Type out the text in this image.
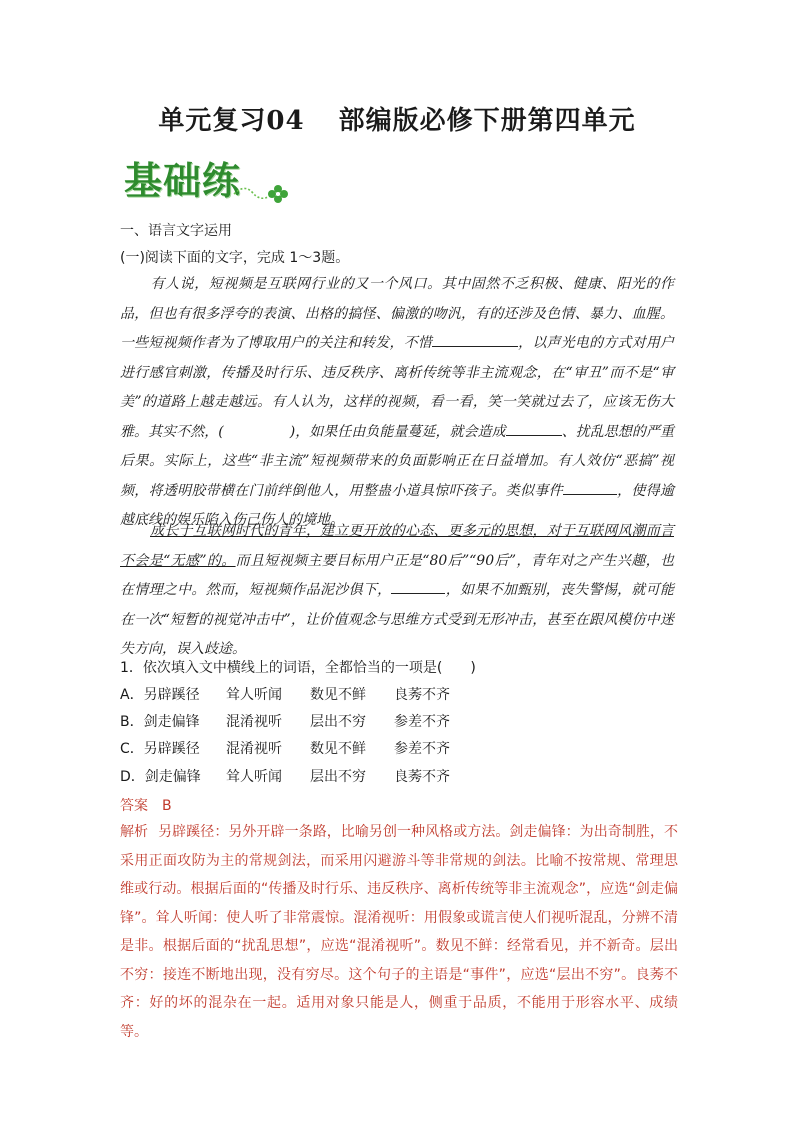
单元复习04 部编版必修下册第四单元
基础练
一、语言文字运用
(一)阅读下面的文字，完成 1～3题。

有人说，短视频是互联网行业的又一个风口。其中固然不乏积极、健康、阳光的作品，但也有很多浮夸的表演、出格的搞怪、偏激的吻汎，有的还涉及色情、暴力、血腥。一些短视频作者为了博取用户的关注和转发，不惜	，以声光电的方式对用户进行感官刺激，传播及时行乐、违反秩序、离析传统等非主流观念，在“审丑”而不是“审美”的道路上越走越远。有人认为，这样的视频，看一看，笑一笑就过去了，应该无伤大雅。其实不然，(	)，如果任由负能量蔓延，就会造成	、扰乱思想的严重后果。实际上，这些“非主流”短视频带来的负面影响正在日益增加。有人效仿“恶搞”视频，将透明胶带横在门前绊倒他人，用整蛊小道具惊吓孩子。类似事件	，使得逾越底线的娱乐陷入伤己伤人的境地。

成长于互联网时代的青年，建立更开放的心态、更多元的思想，对于互联网风潮而言不会是“无感”的。而且短视频主要目标用户正是“80后”“90后”，青年对之产生兴趣，也在情理之中。然而，短视频作品泥沙俱下，	，如果不加甄别，丧失警惕，就可能在一次“短暂的视觉冲击中”，让价值观念与思维方式受到无形冲击，甚至在跟风模仿中迷失方向，误入歧途。

1．依次填入文中横线上的词语，全都恰当的一项是(　　)
A．另辟蹊径 耸人听闻 数见不鲜 良莠不齐
B．剑走偏锋 混淆视听 层出不穷 参差不齐
C．另辟蹊径 混淆视听 数见不鲜 参差不齐
D．剑走偏锋 耸人听闻 层出不穷 良莠不齐
答案 B

解析 另辟蹊径：另外开辟一条路，比喻另创一种风格或方法。剑走偏锋：为出奇制胜，不采用正面攻防为主的常规剑法，而采用闪避游斗等非常规的剑法。比喻不按常规、常理思维或行动。根据后面的“传播及时行乐、违反秩序、离析传统等非主流观念”，应选“剑走偏锋”。耸人听闻：使人听了非常震惊。混淆视听：用假象或谎言使人们视听混乱，分辨不清是非。根据后面的“扰乱思想”，应选“混淆视听”。数见不鲜：经常看见，并不新奇。层出不穷：接连不断地出现，没有穷尽。这个句子的主语是“事件”，应选“层出不穷”。良莠不齐：好的坏的混杂在一起。适用对象只能是人，侧重于品质，不能用于形容水平、成绩等。
